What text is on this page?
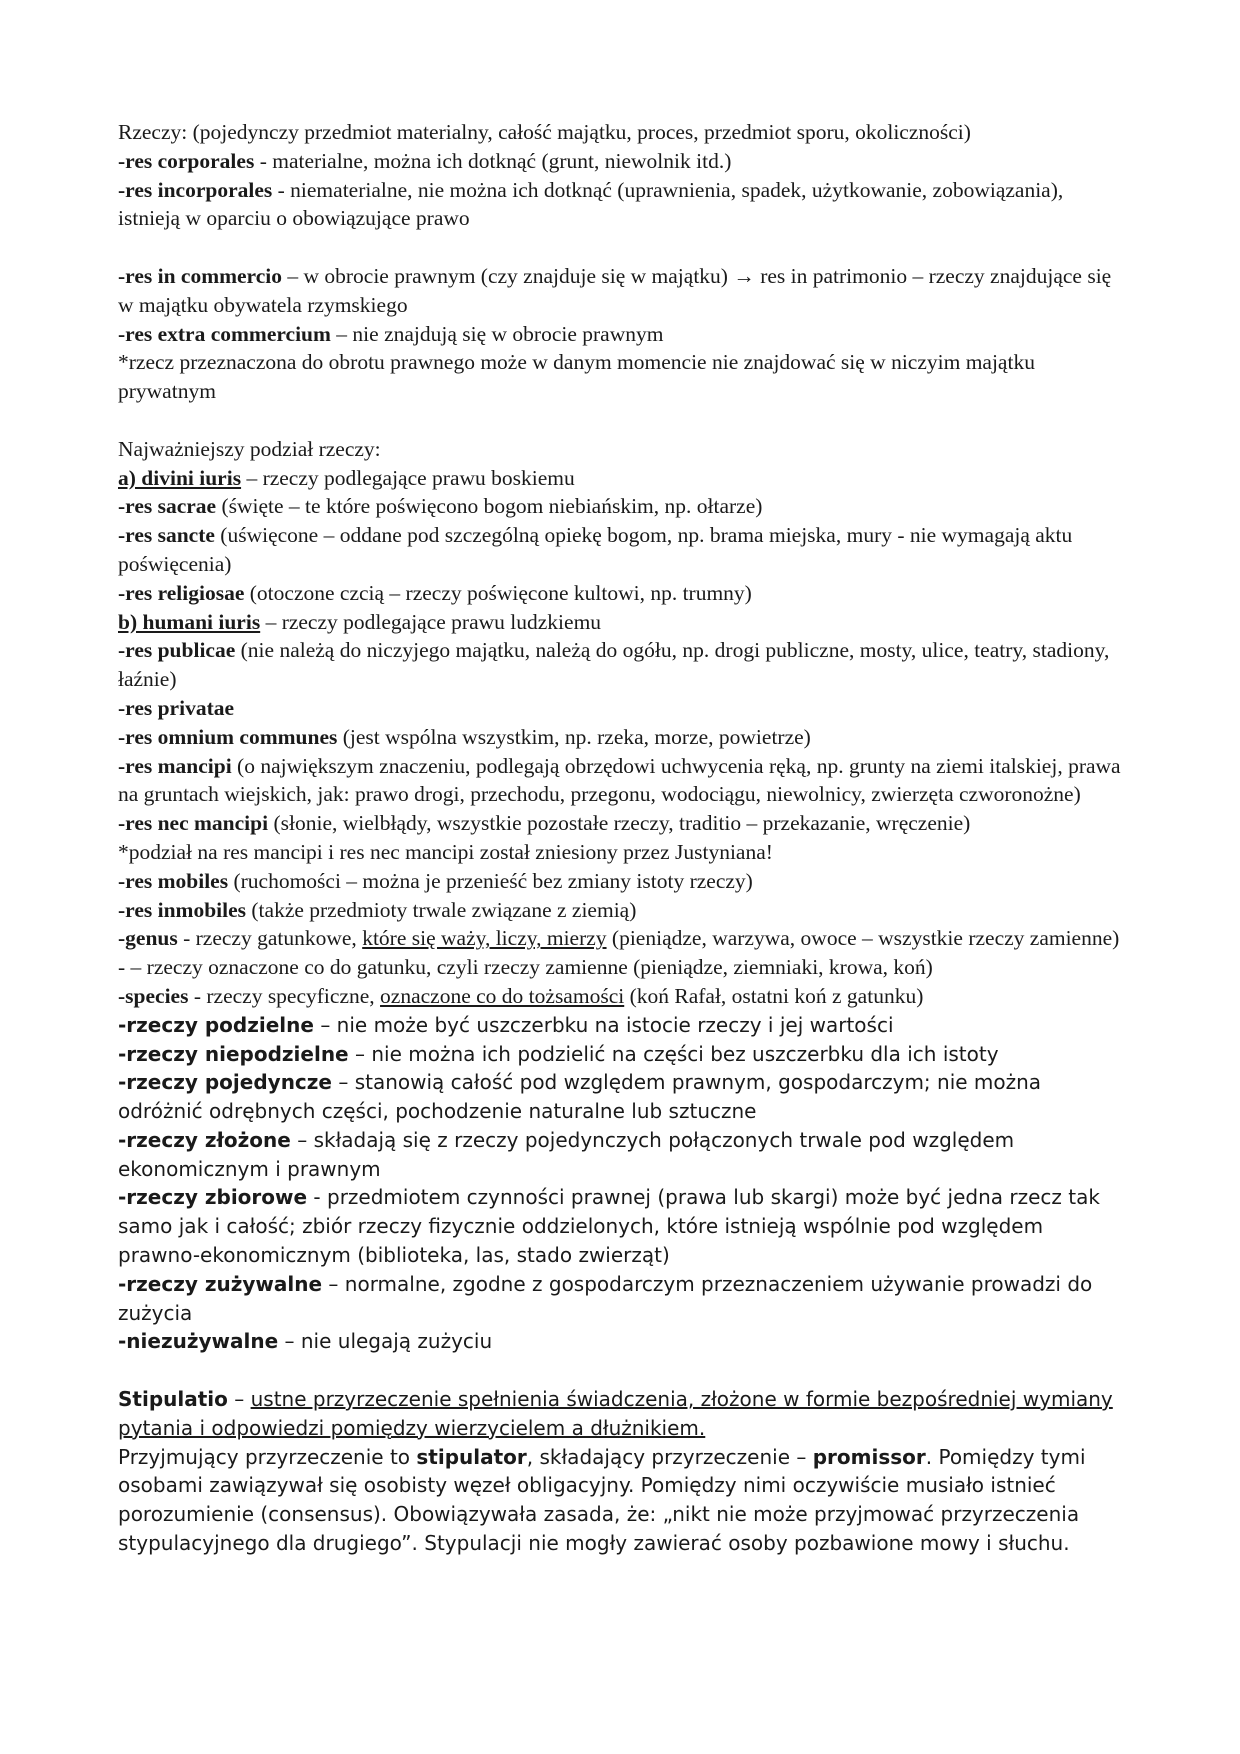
Rzeczy: (pojedynczy przedmiot materialny, całość majątku, proces, przedmiot sporu, okoliczności)

-res corporales - materialne, można ich dotknąć (grunt, niewolnik itd.)

-res incorporales - niematerialne, nie można ich dotknąć (uprawnienia, spadek, użytkowanie, zobowiązania), istnieją w oparciu o obowiązujące prawo

-res in commercio – w obrocie prawnym (czy znajduje się w majątku) → res in patrimonio – rzeczy znajdujące się w majątku obywatela rzymskiego

-res extra commercium – nie znajdują się w obrocie prawnym

*rzecz przeznaczona do obrotu prawnego może w danym momencie nie znajdować się w niczyim majątku prywatnym

Najważniejszy podział rzeczy:

a) divini iuris – rzeczy podlegające prawu boskiemu

-res sacrae (święte – te które poświęcono bogom niebiańskim, np. ołtarze)

-res sancte (uświęcone – oddane pod szczególną opiekę bogom, np. brama miejska, mury - nie wymagają aktu poświęcenia)

-res religiosae (otoczone czcią – rzeczy poświęcone kultowi, np. trumny)

b) humani iuris – rzeczy podlegające prawu ludzkiemu

-res publicae (nie należą do niczyjego majątku, należą do ogółu, np. drogi publiczne, mosty, ulice, teatry, stadiony, łaźnie)

-res privatae

-res omnium communes (jest wspólna wszystkim, np. rzeka, morze, powietrze)

-res mancipi (o największym znaczeniu, podlegają obrzędowi uchwycenia ręką, np. grunty na ziemi italskiej, prawa na gruntach wiejskich, jak: prawo drogi, przechodu, przegonu, wodociągu, niewolnicy, zwierzęta czworonożne)

-res nec mancipi (słonie, wielbłądy, wszystkie pozostałe rzeczy, traditio – przekazanie, wręczenie)

*podział na res mancipi i res nec mancipi został zniesiony przez Justyniana!

-res mobiles (ruchomości – można je przenieść bez zmiany istoty rzeczy)

-res inmobiles (także przedmioty trwale związane z ziemią)

-genus - rzeczy gatunkowe, które się waży, liczy, mierzy (pieniądze, warzywa, owoce – wszystkie rzeczy zamienne) - – rzeczy oznaczone co do gatunku, czyli rzeczy zamienne (pieniądze, ziemniaki, krowa, koń)

-species - rzeczy specyficzne, oznaczone co do tożsamości (koń Rafał, ostatni koń z gatunku)

-rzeczy podzielne – nie może być uszczerbku na istocie rzeczy i jej wartości

-rzeczy niepodzielne – nie można ich podzielić na części bez uszczerbku dla ich istoty

-rzeczy pojedyncze – stanowią całość pod względem prawnym, gospodarczym; nie można odróżnić odrębnych części, pochodzenie naturalne lub sztuczne

-rzeczy złożone – składają się z rzeczy pojedynczych połączonych trwale pod względem ekonomicznym i prawnym

-rzeczy zbiorowe - przedmiotem czynności prawnej (prawa lub skargi) może być jedna rzecz tak samo jak i całość; zbiór rzeczy fizycznie oddzielonych, które istnieją wspólnie pod względem prawno-ekonomicznym (biblioteka, las, stado zwierząt)

-rzeczy zużywalne – normalne, zgodne z gospodarczym przeznaczeniem używanie prowadzi do zużycia

-niezużywalne – nie ulegają zużyciu

Stipulatio – ustne przyrzeczenie spełnienia świadczenia, złożone w formie bezpośredniej wymiany pytania i odpowiedzi pomiędzy wierzycielem a dłużnikiem.

Przyjmujący przyrzeczenie to stipulator, składający przyrzeczenie – promissor. Pomiędzy tymi osobami zawiązywał się osobisty węzeł obligacyjny. Pomiędzy nimi oczywiście musiało istnieć porozumienie (consensus). Obowiązywała zasada, że: „nikt nie może przyjmować przyrzeczenia stypulacyjnego dla drugiego”. Stypulacji nie mogły zawierać osoby pozbawione mowy i słuchu.
